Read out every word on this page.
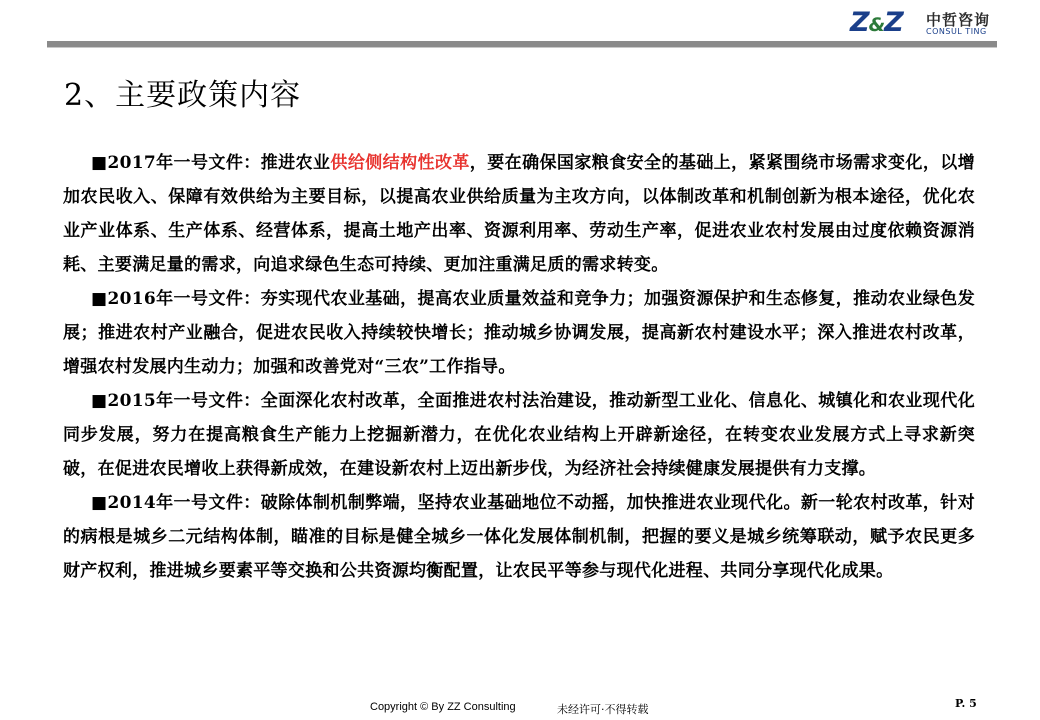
Z&Z 中哲咨询
CONSUL TING
2、主要政策内容

■2017年一号文件：推进农业供给侧结构性改革，要在确保国家粮食安全的基础上，紧紧围绕市场需求变化，以增加农民收入、保障有效供给为主要目标，以提高农业供给质量为主攻方向，以体制改革和机制创新为根本途径，优化农业产业体系、生产体系、经营体系，提高土地产出率、资源利用率、劳动生产率，促进农业农村发展由过度依赖资源消耗、主要满足量的需求，向追求绿色生态可持续、更加注重满足质的需求转变。

■2016年一号文件：夯实现代农业基础，提高农业质量效益和竞争力；加强资源保护和生态修复，推动农业绿色发展；推进农村产业融合，促进农民收入持续较快增长；推动城乡协调发展，提高新农村建设水平；深入推进农村改革，增强农村发展内生动力；加强和改善党对“三农”工作指导。

■2015年一号文件：全面深化农村改革，全面推进农村法治建设，推动新型工业化、信息化、城镇化和农业现代化同步发展，努力在提高粮食生产能力上挖掘新潜力，在优化农业结构上开辟新途径，在转变农业发展方式上寻求新突破，在促进农民增收上获得新成效，在建设新农村上迈出新步伐，为经济社会持续健康发展提供有力支撑。

■2014年一号文件：破除体制机制弊端，坚持农业基础地位不动摇，加快推进农业现代化。新一轮农村改革，针对的病根是城乡二元结构体制，瞄准的目标是健全城乡一体化发展体制机制，把握的要义是城乡统筹联动，赋予农民更多财产权利，推进城乡要素平等交换和公共资源均衡配置，让农民平等参与现代化进程、共同分享现代化成果。

Copyright © By ZZ Consulting	未经许可·不得转载	P. 5
